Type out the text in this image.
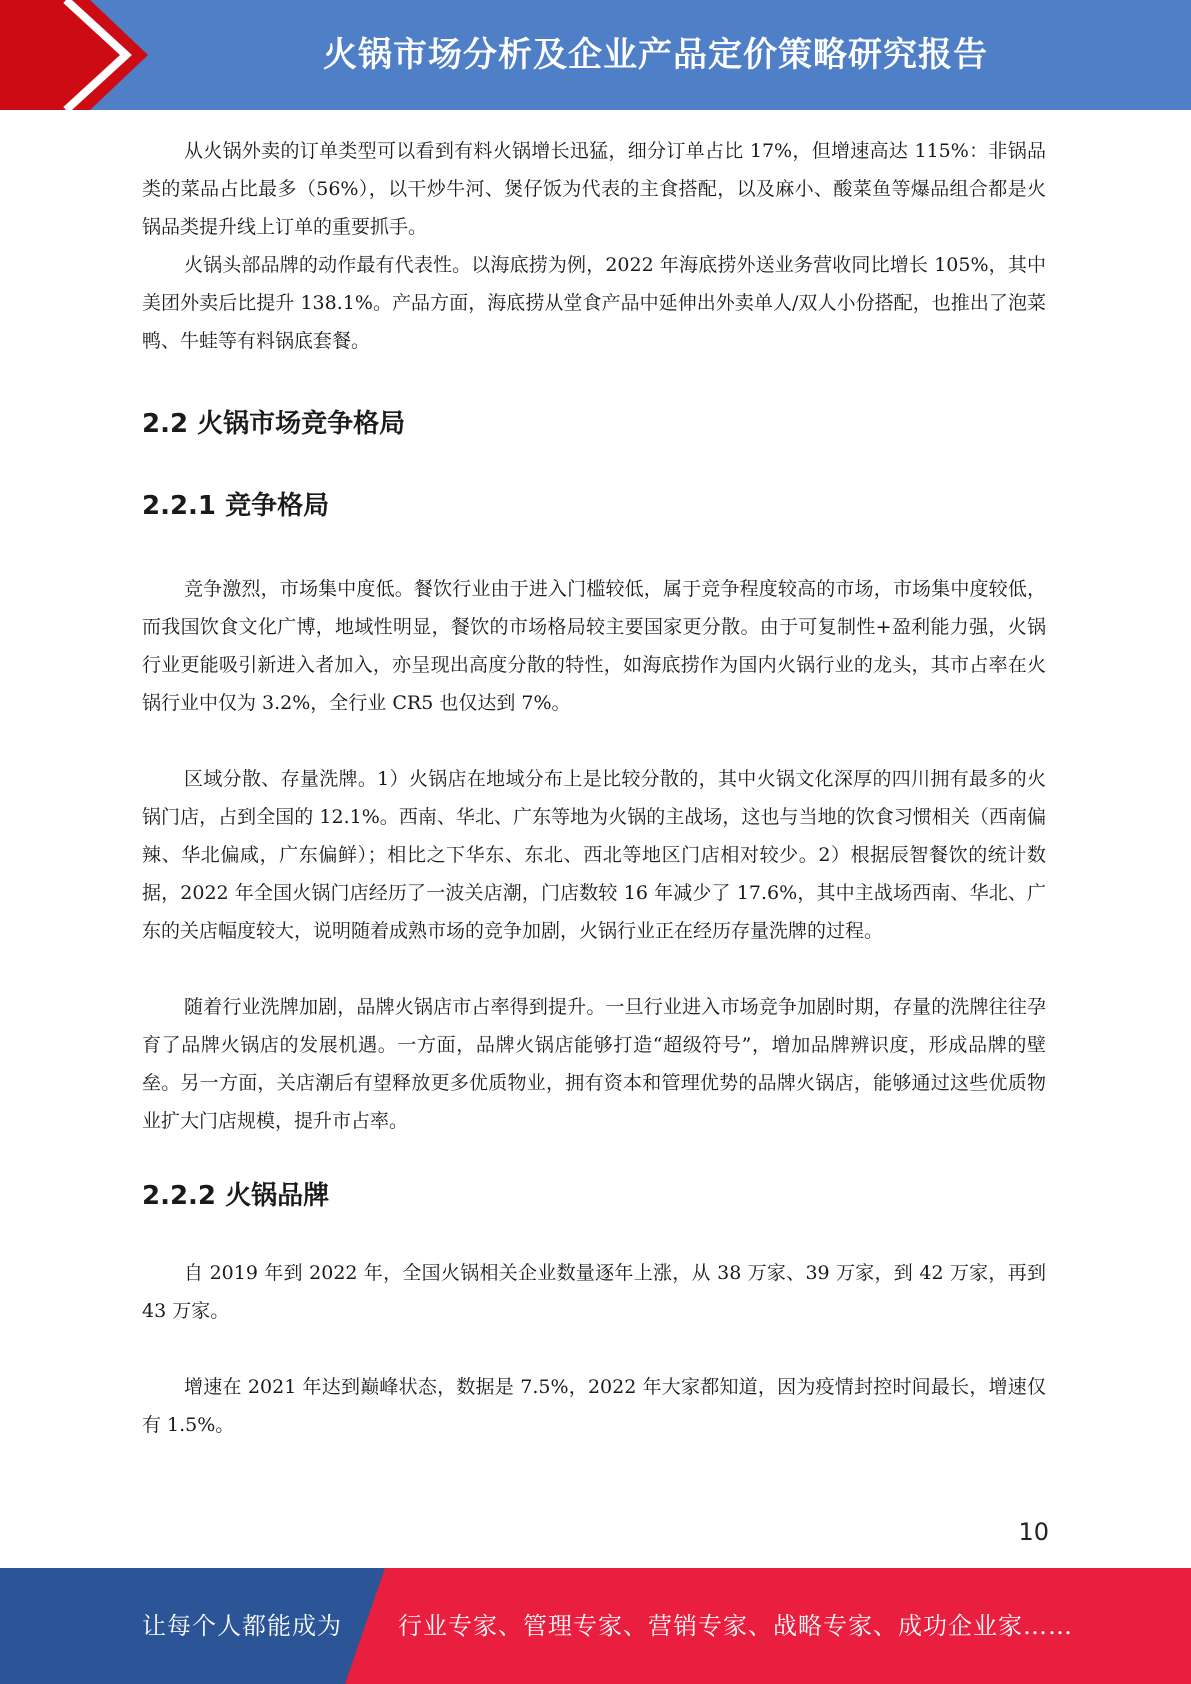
火锅市场分析及企业产品定价策略研究报告

从火锅外卖的订单类型可以看到有料火锅增长迅猛，细分订单占比 17%，但增速高达 115%：非锅品类的菜品占比最多（56%），以干炒牛河、煲仔饭为代表的主食搭配，以及麻小、酸菜鱼等爆品组合都是火锅品类提升线上订单的重要抓手。

火锅头部品牌的动作最有代表性。以海底捞为例，2022 年海底捞外送业务营收同比增长 105%，其中美团外卖后比提升 138.1%。产品方面，海底捞从堂食产品中延伸出外卖单人/双人小份搭配，也推出了泡菜鸭、牛蛙等有料锅底套餐。

2.2 火锅市场竞争格局
2.2.1 竞争格局

竞争激烈，市场集中度低。餐饮行业由于进入门槛较低，属于竞争程度较高的市场，市场集中度较低，而我国饮食文化广博，地域性明显，餐饮的市场格局较主要国家更分散。由于可复制性+盈利能力强，火锅行业更能吸引新进入者加入，亦呈现出高度分散的特性，如海底捞作为国内火锅行业的龙头，其市占率在火锅行业中仅为 3.2%，全行业 CR5 也仅达到 7%。

区域分散、存量洗牌。1）火锅店在地域分布上是比较分散的，其中火锅文化深厚的四川拥有最多的火锅门店，占到全国的 12.1%。西南、华北、广东等地为火锅的主战场，这也与当地的饮食习惯相关（西南偏辣、华北偏咸，广东偏鲜）；相比之下华东、东北、西北等地区门店相对较少。2）根据辰智餐饮的统计数据，2022 年全国火锅门店经历了一波关店潮，门店数较 16 年减少了 17.6%，其中主战场西南、华北、广东的关店幅度较大，说明随着成熟市场的竞争加剧，火锅行业正在经历存量洗牌的过程。

随着行业洗牌加剧，品牌火锅店市占率得到提升。一旦行业进入市场竞争加剧时期，存量的洗牌往往孕育了品牌火锅店的发展机遇。一方面，品牌火锅店能够打造“超级符号”，增加品牌辨识度，形成品牌的壁垒。另一方面，关店潮后有望释放更多优质物业，拥有资本和管理优势的品牌火锅店，能够通过这些优质物业扩大门店规模，提升市占率。

2.2.2 火锅品牌

自 2019 年到 2022 年，全国火锅相关企业数量逐年上涨，从 38 万家、39 万家，到 42 万家，再到 43 万家。

增速在 2021 年达到巅峰状态，数据是 7.5%，2022 年大家都知道，因为疫情封控时间最长，增速仅有 1.5%。

10
让每个人都能成为 行业专家、管理专家、营销专家、战略专家、成功企业家……
